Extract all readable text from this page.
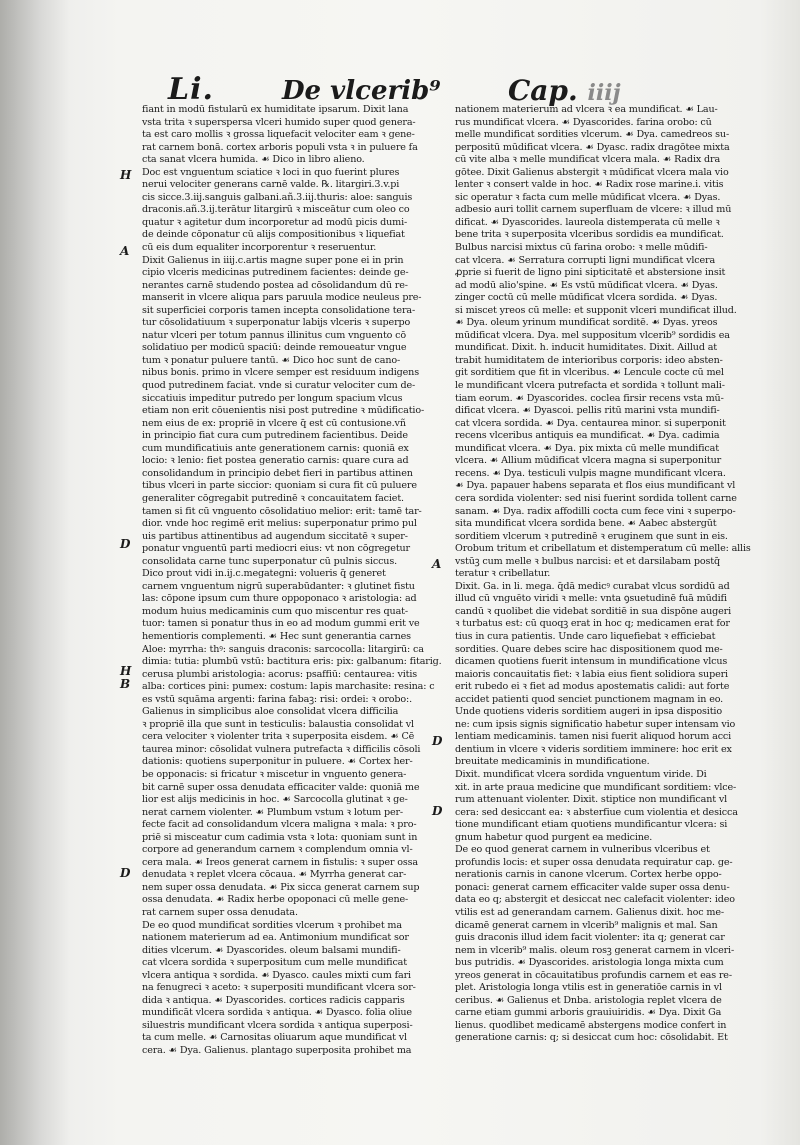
Li.	De vlcerib⁹ Cap. iiij
fiant in modū fistularū ex humiditate ipsarum. Dixit lana
vsta trita ꝛ superspersa vlceri humido super quod genera-
ta est caro mollis ꝛ grossa liquefacit velociter eam ꝛ gene-
rat carnem bonā. cortex arboris populi vsta ꝛ in puluere fa
cta sanat vlcera humida. ☙ Dico in libro alieno.
Doc est vnguentum sciatice ꝛ loci in quo fuerint plures
nerui velociter generans carnē valde. ℞. litargiri.3.v.pi
cis sicce.3.iij.sanguis galbani.añ.3.iij.thuris: aloe: sanguis
draconis.añ.3.ij.terātur litargirū ꝛ misceātur cum oleo co
quatur ꝛ agitetur dum incorporetur ad modū picis dumi-
de deinde cōponatur cū alijs compositionibus ꝛ liquefiat
cū eis dum equaliter incorporentur ꝛ reseruentur.
Dixit Galienus in iiij.c.artis magne super pone ei in prin
cipio vlceris medicinas putredinem facientes: deinde ge-
nerantes carnē studendo postea ad cōsolidandum dū re-
manserit in vlcere aliqua pars paruula modice neuleus pre-
sit superficiei corporis tamen incepta consolidatione tera-
tur cōsolidatiuum ꝛ superponatur labijs vlceris ꝛ superpo
natur vlceri per totum pannus illinitus cum vnguento cō
solidatiuo per modicū spaciū: deinde remoueatur vngue
tum ꝛ ponatur puluere tantū. ☙ Dico hoc sunt de cano-
nibus bonis. primo in vlcere semper est residuum indigens
quod putredinem faciat. vnde si curatur velociter cum de-
siccatiuis impeditur putredo per longum spacium vlcus
etiam non erit cōuenientis nisi post putredine ꝛ mūdificatio-
nem eius de ex: propriē in vlcere q̄ est cū contusione.vñ
in principio fiat cura cum putredinem facientibus. Deide
cum mundificatiuis ante generationem carnis: quoniā ex
locio: ꝛ lenio: fiet postea generatio carnis: quare cura ad
consolidandum in principio debet fieri in partibus attinen
tibus vlceri in parte siccior: quoniam si cura fit cū puluere
generaliter cōgregabit putredinē ꝛ concauitatem faciet.
tamen si fit cū vnguento cōsolidatiuo melior: erit: tamē tar-
dior. vnde hoc regimē erit melius: superponatur primo pul
uis partibus attinentibus ad augendum siccitatē ꝛ super-
ponatur vnguentū parti mediocri eius: vt non cōgregetur
consolidata carne tunc superponatur cū pulnis siccus.
Dico prout vidi in.ij.c.megategni: volueris q̄ generet
carnem vnguentum nigrū superabūdanter: ꝛ glutinet fistu
las: cōpone ipsum cum thure oppoponaco ꝛ aristologia: ad
modum huius medicaminis cum quo miscentur res quat-
tuor: tamen si ponatur thus in eo ad modum gummi erit ve
hementioris complementi. ☙ Hec sunt generantia carnes
Aloe: myrrha: thꝰ: sanguis draconis: sarcocolla: litargirū: ca
dimia: tutia: plumbū vstū: bactitura eris: pix: galbanum: fitarig.
cerusa plumbi aristologia: acorus: psaffiū: centaurea: vitis
alba: cortices pini: pumex: costum: lapis marchasite: resina: c
es vstū squāma argenti: farina fabaꝫ: risi: ordei: ꝛ orobo:.
Galienus in simplicibus aloe consolidat vlcera difficilia
ꝛ propriē illa que sunt in testiculis: balaustia consolidat vl
cera velociter ꝛ violenter trita ꝛ superposita eisdem. ☙ Cē
taurea minor: cōsolidat vulnera putrefacta ꝛ difficilis cōsoli
dationis: quotiens superponitur in puluere. ☙ Cortex her-
be opponacis: si fricatur ꝛ miscetur in vnguento genera-
bit carnē super ossa denudata efficaciter valde: quoniā me
lior est alijs medicinis in hoc. ☙ Sarcocolla glutinat ꝛ ge-
nerat carnem violenter. ☙ Plumbum vstum ꝛ lotum per-
fecte facit ad consolidandum vlcera maligna ꝛ mala: ꝛ pro-
priē si misceatur cum cadimia vsta ꝛ lota: quoniam sunt in
corpore ad generandum carnem ꝛ complendum omnia vl-
cera mala. ☙ Ireos generat carnem in fistulis: ꝛ super ossa
denudata ꝛ replet vlcera cōcaua. ☙ Myrrha generat car-
nem super ossa denudata. ☙ Pix sicca generat carnem sup
ossa denudata. ☙ Radix herbe opoponaci cū melle gene-
rat carnem super ossa denudata.
De eo quod mundificat sordities vlcerum ꝛ prohibet ma
nationem materierum ad ea. Antimonium mundificat sor
dities vlcerum. ☙ Dyascorides. oleum balsami mundifi-
cat vlcera sordida ꝛ superpositum cum melle mundificat
vlcera antiqua ꝛ sordida. ☙ Dyasco. caules mixti cum fari
na fenugreci ꝛ aceto: ꝛ superpositi mundificant vlcera sor-
dida ꝛ antiqua. ☙ Dyascorides. cortices radicis capparis
mundificāt vlcera sordida ꝛ antiqua. ☙ Dyasco. folia oliue
siluestris mundificant vlcera sordida ꝛ antiqua superposi-
ta cum melle. ☙ Carnositas oliuarum aque mundificat vl
cera. ☙ Dya. Galienus. plantago superposita prohibet ma
nationem materierum ad vlcera ꝛ ea mundificat. ☙ Lau-
rus mundificat vlcera. ☙ Dyascorides. farina orobo: cū
melle mundificat sordities vlcerum. ☙ Dya. camedreos su-
perpositū mūdificat vlcera. ☙ Dyasc. radix dragōtee mixta
cū vite alba ꝛ melle mundificat vlcera mala. ☙ Radix dra
gōtee. Dixit Galienus abstergit ꝛ mūdificat vlcera mala vio
lenter ꝛ consert valde in hoc. ☙ Radix rose marine.i. vitis
sic operatur ꝛ facta cum melle mūdificat vlcera. ☙ Dyas.
adbesio auri tollit carnem superfluam de vlcere: ꝛ illud mū
dificat. ☙ Dyascorides. laureola distemperata cū melle ꝛ
bene trita ꝛ superposita vlceribus sordidis ea mundificat.
Bulbus narcisi mixtus cū farina orobo: ꝛ melle mūdifi-
cat vlcera. ☙ Serratura corrupti ligni mundificat vlcera
ꝓprie si fuerit de ligno pini sipticitatē et abstersione insit
ad modū alio'spine. ☙ Es vstū mūdificat vlcera. ☙ Dyas.
zinger coctū cū melle mūdificat vlcera sordida. ☙ Dyas.
si miscet yreos cū melle: et supponit vlceri mundificat illud.
☙ Dya. oleum yrinum mundificat sorditē. ☙ Dyas. yreos
mūdificat vlcera. Dya. mel suppositum vlcerib⁹ sordidis ea
mundificat. Dixit. h. inducit humiditates. Dixit. Aillud at
trabit humiditatem de interioribus corporis: ideo absten-
git sorditiem que fit in vlceribus. ☙ Lencule cocte cū mel
le mundificant vlcera putrefacta et sordida ꝛ tollunt mali-
tiam eorum. ☙ Dyascorides. coclea firsir recens vsta mū-
dificat vlcera. ☙ Dyascoi. pellis ritū marini vsta mundifi-
cat vlcera sordida. ☙ Dya. centaurea minor. si superponit
recens vlceribus antiquis ea mundificat. ☙ Dya. cadimia
mundificat vlcera. ☙ Dya. pix mixta cū melle mundificat
vlcera. ☙ Allium mūdificat vlcera magna si superponitur
recens. ☙ Dya. testiculi vulpis magne mundificant vlcera.
☙ Dya. papauer habens separata et flos eius mundificant vl
cera sordida violenter: sed nisi fuerint sordida tollent carne
sanam. ☙ Dya. radix affodilli cocta cum fece vini ꝛ superpo-
sita mundificat vlcera sordida bene. ☙ Aabec abstergūt
sorditiem vlcerum ꝛ putredinē ꝛ eruginem que sunt in eis.
Orobum tritum et cribellatum et distemperatum cū melle: allis
vstūꝫ cum melle ꝛ bulbus narcisi: et et darsilabam postq̄
teratur ꝛ cribellatur.
Dixit. Ga. in li. mega. q̄dā medicꝰ curabat vlcus sordidū ad
illud cū vnguēto viridi ꝛ melle: vnta ꝯsuetudinē fuā mūdifi
candū ꝛ quolibet die videbat sorditiē in sua dispōne augeri
ꝛ turbatus est: cū quoqꝫ erat in hoc q; medicamen erat for
tius in cura patientis. Unde caro liquefiebat ꝛ efficiebat
sordities. Quare debes scire hac dispositionem quod me-
dicamen quotiens fuerit intensum in mundificatione vlcus
maioris concauitatis fiet: ꝛ labia eius fient solidiora superi
erit rubedo ei ꝛ fiet ad modus apostematis calidi: aut forte
accidet patienti quod senciet punctionem magnam in eo.
Unde quotiens videris sorditiem augeri in ipsa dispositio
ne: cum ipsis signis significatio habetur super intensam vio
lentiam medicaminis. tamen nisi fuerit aliquod horum acci
dentium in vlcere ꝛ videris sorditiem imminere: hoc erit ex
breuitate medicaminis in mundificatione.
Dixit. mundificat vlcera sordida vnguentum viride. Di
xit. in arte praua medicine que mundificant sorditiem: vlce-
rum attenuant violenter. Dixit. stiptice non mundificant vl
cera: sed desiccant ea: ꝛ absterfiue cum violentia et desicca
tione mundificant etiam quotiens mundificantur vlcera: si
gnum habetur quod purgent ea medicine.
De eo quod generat carnem in vulneribus vlceribus et
profundis locis: et super ossa denudata requiratur cap. ge-
nerationis carnis in canone vlcerum. Cortex herbe oppo-
ponaci: generat carnem efficaciter valde super ossa denu-
data eo q; abstergit et desiccat nec calefacit violenter: ideo
vtilis est ad generandam carnem. Galienus dixit. hoc me-
dicamē generat carnem in vlcerib⁹ malignis et mal. San
guis draconis illud idem facit violenter: ita q; generat car
nem in vlcerib⁹ malis. oleum rosꝫ generat carnem in vlceri-
bus putridis. ☙ Dyascorides. aristologia longa mixta cum
yreos generat in cōcauitatibus profundis carnem et eas re-
plet. Aristologia longa vtilis est in generatiōe carnis in vl
ceribus. ☙ Galienus et Dnba. aristologia replet vlcera de
carne etiam gummi arboris grauiuiridis. ☙ Dya. Dixit Ga
lienus. quodlibet medicamē abstergens modice confert in
generatione carnis: q; si desiccat cum hoc: cōsolidabit. Et
H
A
D
H
B
D
A
D
D
